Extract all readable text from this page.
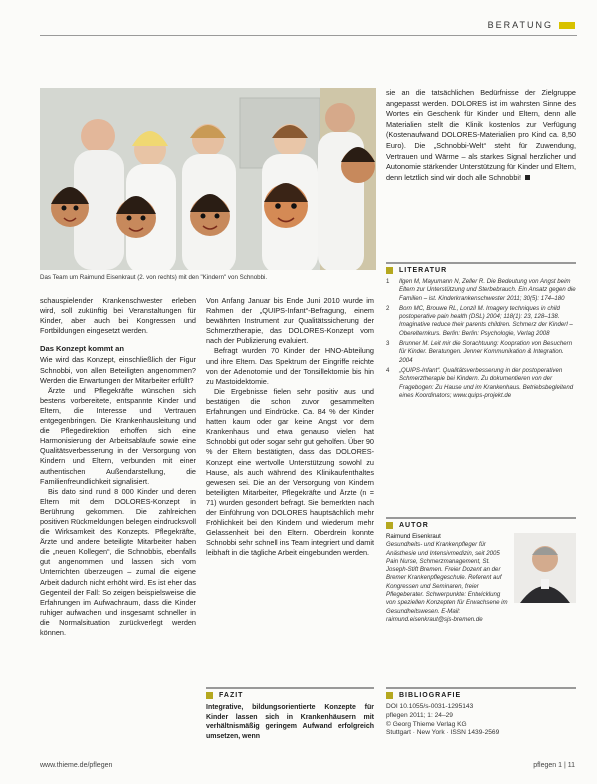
BERATUNG
Das Team um Raimund Eisenkraut (2. von rechts) mit den "Kindern" von Schnobbi.

schauspielender Krankenschwester erleben wird, soll zukünftig bei Veranstaltungen für Kinder, aber auch bei Kongressen und Fortbildungen eingesetzt werden.

Das Konzept kommt an

Wie wird das Konzept, einschließlich der Figur Schnobbi, von allen Beteiligten angenommen? Werden die Erwartungen der Mitarbeiter erfüllt?

Ärzte und Pflegekräfte wünschen sich bestens vorbereitete, entspannte Kinder und Eltern, die Interesse und Vertrauen entgegenbringen. Die Krankenhausleitung und die Pflegedirektion erhoffen sich eine Harmonisierung der Arbeitsabläufe sowie eine Qualitätsverbesserung in der Versorgung von Kindern und Eltern, verbunden mit einer authentischen Außendarstellung, die Familienfreundlichkeit signalisiert.

Bis dato sind rund 8 000 Kinder und deren Eltern mit dem DOLORES-Konzept in Berührung gekommen. Die zahlreichen positiven Rückmeldungen belegen eindrucksvoll die Wirksamkeit des Konzepts. Pflegekräfte, Ärzte und andere beteiligte Mitarbeiter haben die „neuen Kollegen“, die Schnobbis, ebenfalls gut angenommen und lassen sich vom Unterrichten überzeugen – zumal die eigene Arbeit dadurch nicht erhöht wird. Es ist eher das Gegenteil der Fall: So zeigen beispielsweise die Erfahrungen im Aufwachraum, dass die Kinder ruhiger aufwachen und insgesamt schneller in die Normalsituation zurückverlegt werden können.

Von Anfang Januar bis Ende Juni 2010 wurde im Rahmen der „QUIPS-Infant“-Befragung, einem bewährten Instrument zur Qualitätssicherung der Schmerztherapie, das DOLORES-Konzept vom nach der Publizierung evaluiert.

Befragt wurden 70 Kinder der HNO-Abteilung und ihre Eltern. Das Spektrum der Eingriffe reichte von der Adenotomie und der Tonsillektomie bis hin zu Mastoidektomie.

Die Ergebnisse fielen sehr positiv aus und bestätigen die schon zuvor gesammelten Erfahrungen und Eindrücke. Ca. 84 % der Kinder hatten kaum oder gar keine Angst vor dem Krankenhaus und etwa genauso vielen hat Schnobbi gut oder sogar sehr gut geholfen. Über 90 % der Eltern bestätigten, dass das DOLORES-Konzept eine wertvolle Unterstützung sowohl zu Hause, als auch während des Klinikaufenthaltes gewesen sei. Die an der Versorgung von Kindern beteiligten Mitarbeiter, Pflegekräfte und Ärzte (n = 71) wurden gesondert befragt. Sie bemerkten nach der Einführung von DOLORES hauptsächlich mehr Fröhlichkeit bei den Kindern und wiederum mehr Gelassenheit bei den Eltern. Oberdrein konnte Schnobbi sehr schnell ins Team integriert und damit leibhaft in die tägliche Arbeit eingebunden werden.

sie an die tatsächlichen Bedürfnisse der Zielgruppe angepasst werden. DOLORES ist im wahrsten Sinne des Wortes ein Geschenk für Kinder und Eltern, denn alle Materialien stellt die Klinik kostenlos zur Verfügung (Kostenaufwand DOLORES-Materialien pro Kind ca. 8,50 Euro). Die „Schnobbi-Welt“ steht für Zuwendung, Vertrauen und Wärme – als starkes Signal herzlicher und Autonomie stärkender Unterstützung für Kinder und Eltern, denn letztlich sind wir doch alle Schnobbi!

LITERATUR
1	Ilgen M, Mayumann N, Zeller R. Die Bedeutung von Angst beim Eltern zur Unterstützung und Sterbebrauch. Ein Ansatz gegen die Familien – ist. Kinderkrankenschwester 2011; 30(5): 174–180
2	Born MC, Brouwe RL, Lonzil M. Imagery techniques in child postoperative pain health (DSL) 2004; 118(1): 23, 128–138. Imaginative reduce their parents children. Schmerz der Kinderl – Oberelternkurs. Berlin: Berlin: Psychologie, Verlag 2008
3	Brunner M. Leit mir die Sorachtuung: Koopration von Besuchern für Kinder. Beratungen. Jenner Kommunikation & Integration. 2004
4	„QUIPS-Infant“. Qualitätsverbesserung in der postoperativen Schmerztherapie bei Kindern. Zu dokumentieren von der Fragebogen: Zu Hause und im Krankenhaus. Betriebsbegleitend eines Koordinators; www.quips-projekt.de
AUTOR
Raimund Eisenkraut
Gesundheits- und Krankenpfleger für Anästhesie und Intensivmedizin, seit 2005 Pain Nurse, Schmerzmanagement, St. Joseph-Stift Bremen. Freier Dozent an der Bremer Krankenpflegeschule. Referent auf Kongressen und Seminaren, freier Pflegeberater. Schwerpunkte: Entwicklung von speziellen Konzepten für Erwachsene im Gesundheitswesen. E-Mail: raimund.eisenkraut@sjs-bremen.de
FAZIT
Integrative, bildungsorientierte Konzepte für Kinder lassen sich in Krankenhäusern mit verhältnismäßig geringem Aufwand erfolgreich umsetzen, wenn
BIBLIOGRAFIE
DOI 10.1055/s-0031-1295143
pflegen 2011; 1: 24–29
© Georg Thieme Verlag KG
Stuttgart · New York · ISSN 1439-2569
www.thieme.de/pflegen	pflegen 1 | 11
